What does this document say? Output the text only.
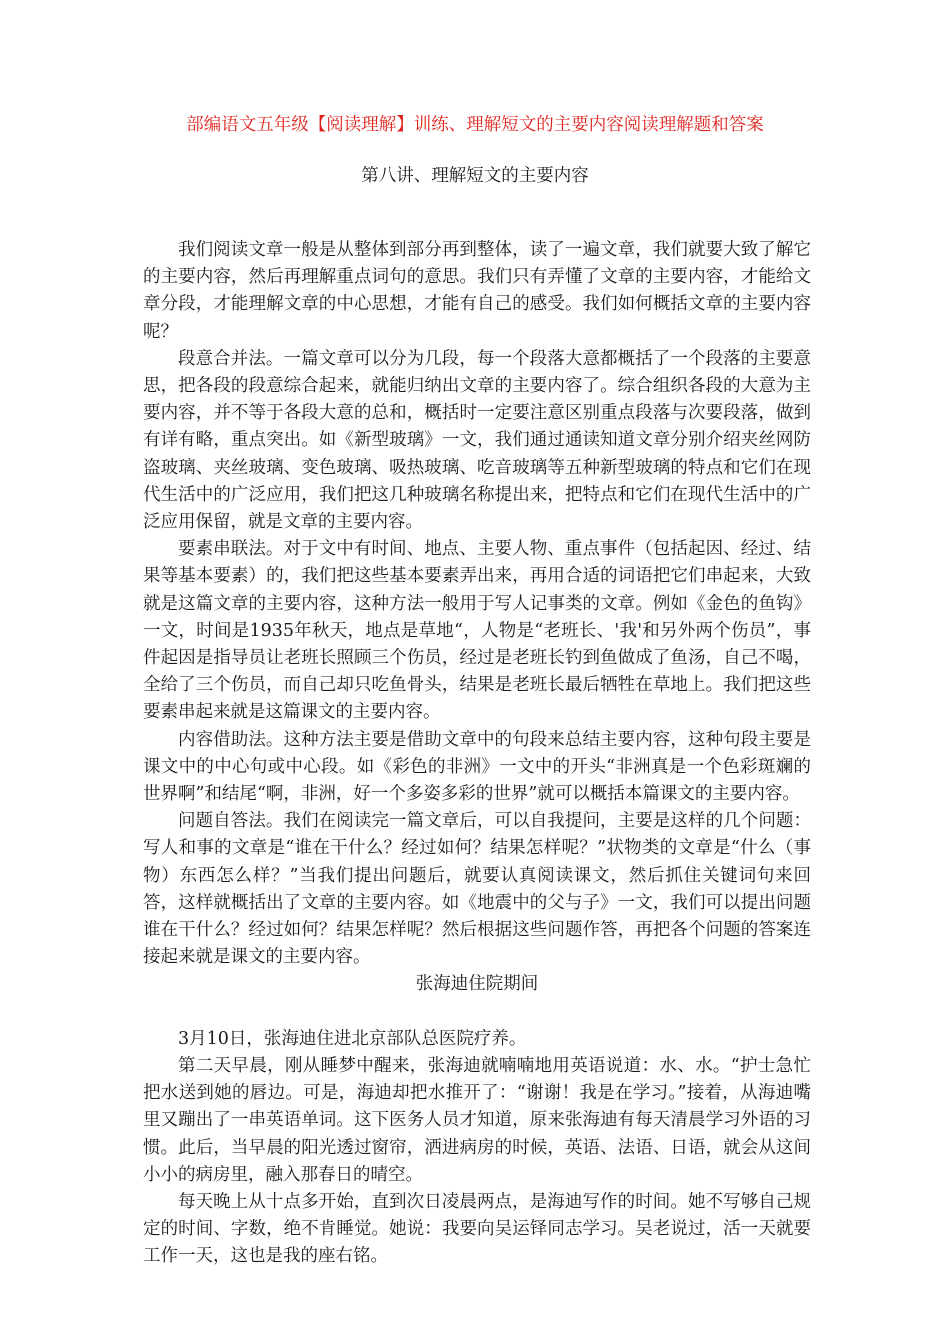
部编语文五年级【阅读理解】训练、理解短文的主要内容阅读理解题和答案
第八讲、理解短文的主要内容

我们阅读文章一般是从整体到部分再到整体，读了一遍文章，我们就要大致了解它的主要内容，然后再理解重点词句的意思。我们只有弄懂了文章的主要内容，才能给文章分段，才能理解文章的中心思想，才能有自己的感受。我们如何概括文章的主要内容呢？

段意合并法。一篇文章可以分为几段，每一个段落大意都概括了一个段落的主要意思，把各段的段意综合起来，就能归纳出文章的主要内容了。综合组织各段的大意为主要内容，并不等于各段大意的总和，概括时一定要注意区别重点段落与次要段落，做到有详有略，重点突出。如《新型玻璃》一文，我们通过通读知道文章分别介绍夹丝网防盗玻璃、夹丝玻璃、变色玻璃、吸热玻璃、吃音玻璃等五种新型玻璃的特点和它们在现代生活中的广泛应用，我们把这几种玻璃名称提出来，把特点和它们在现代生活中的广泛应用保留，就是文章的主要内容。

要素串联法。对于文中有时间、地点、主要人物、重点事件（包括起因、经过、结果等基本要素）的，我们把这些基本要素弄出来，再用合适的词语把它们串起来，大致就是这篇文章的主要内容，这种方法一般用于写人记事类的文章。例如《金色的鱼钩》一文，时间是1935年秋天，地点是草地“，人物是“老班长、'我'和另外两个伤员”，事件起因是指导员让老班长照顾三个伤员，经过是老班长钓到鱼做成了鱼汤，自己不喝，全给了三个伤员，而自己却只吃鱼骨头，结果是老班长最后牺牲在草地上。我们把这些要素串起来就是这篇课文的主要内容。

内容借助法。这种方法主要是借助文章中的句段来总结主要内容，这种句段主要是课文中的中心句或中心段。如《彩色的非洲》一文中的开头“非洲真是一个色彩斑斓的世界啊”和结尾“啊，非洲，好一个多姿多彩的世界”就可以概括本篇课文的主要内容。

问题自答法。我们在阅读完一篇文章后，可以自我提问，主要是这样的几个问题：写人和事的文章是“谁在干什么？经过如何？结果怎样呢？”状物类的文章是“什么（事物）东西怎么样？”当我们提出问题后，就要认真阅读课文，然后抓住关键词句来回答，这样就概括出了文章的主要内容。如《地震中的父与子》一文，我们可以提出问题谁在干什么？经过如何？结果怎样呢？然后根据这些问题作答，再把各个问题的答案连接起来就是课文的主要内容。

张海迪住院期间

3月10日，张海迪住进北京部队总医院疗养。

第二天早晨，刚从睡梦中醒来，张海迪就喃喃地用英语说道：水、水。“护士急忙把水送到她的唇边。可是，海迪却把水推开了：“谢谢！我是在学习。”接着，从海迪嘴里又蹦出了一串英语单词。这下医务人员才知道，原来张海迪有每天清晨学习外语的习惯。此后，当早晨的阳光透过窗帘，洒进病房的时候，英语、法语、日语，就会从这间小小的病房里，融入那春日的晴空。

每天晚上从十点多开始，直到次日凌晨两点，是海迪写作的时间。她不写够自己规定的时间、字数，绝不肯睡觉。她说：我要向吴运铎同志学习。吴老说过，活一天就要工作一天，这也是我的座右铭。
